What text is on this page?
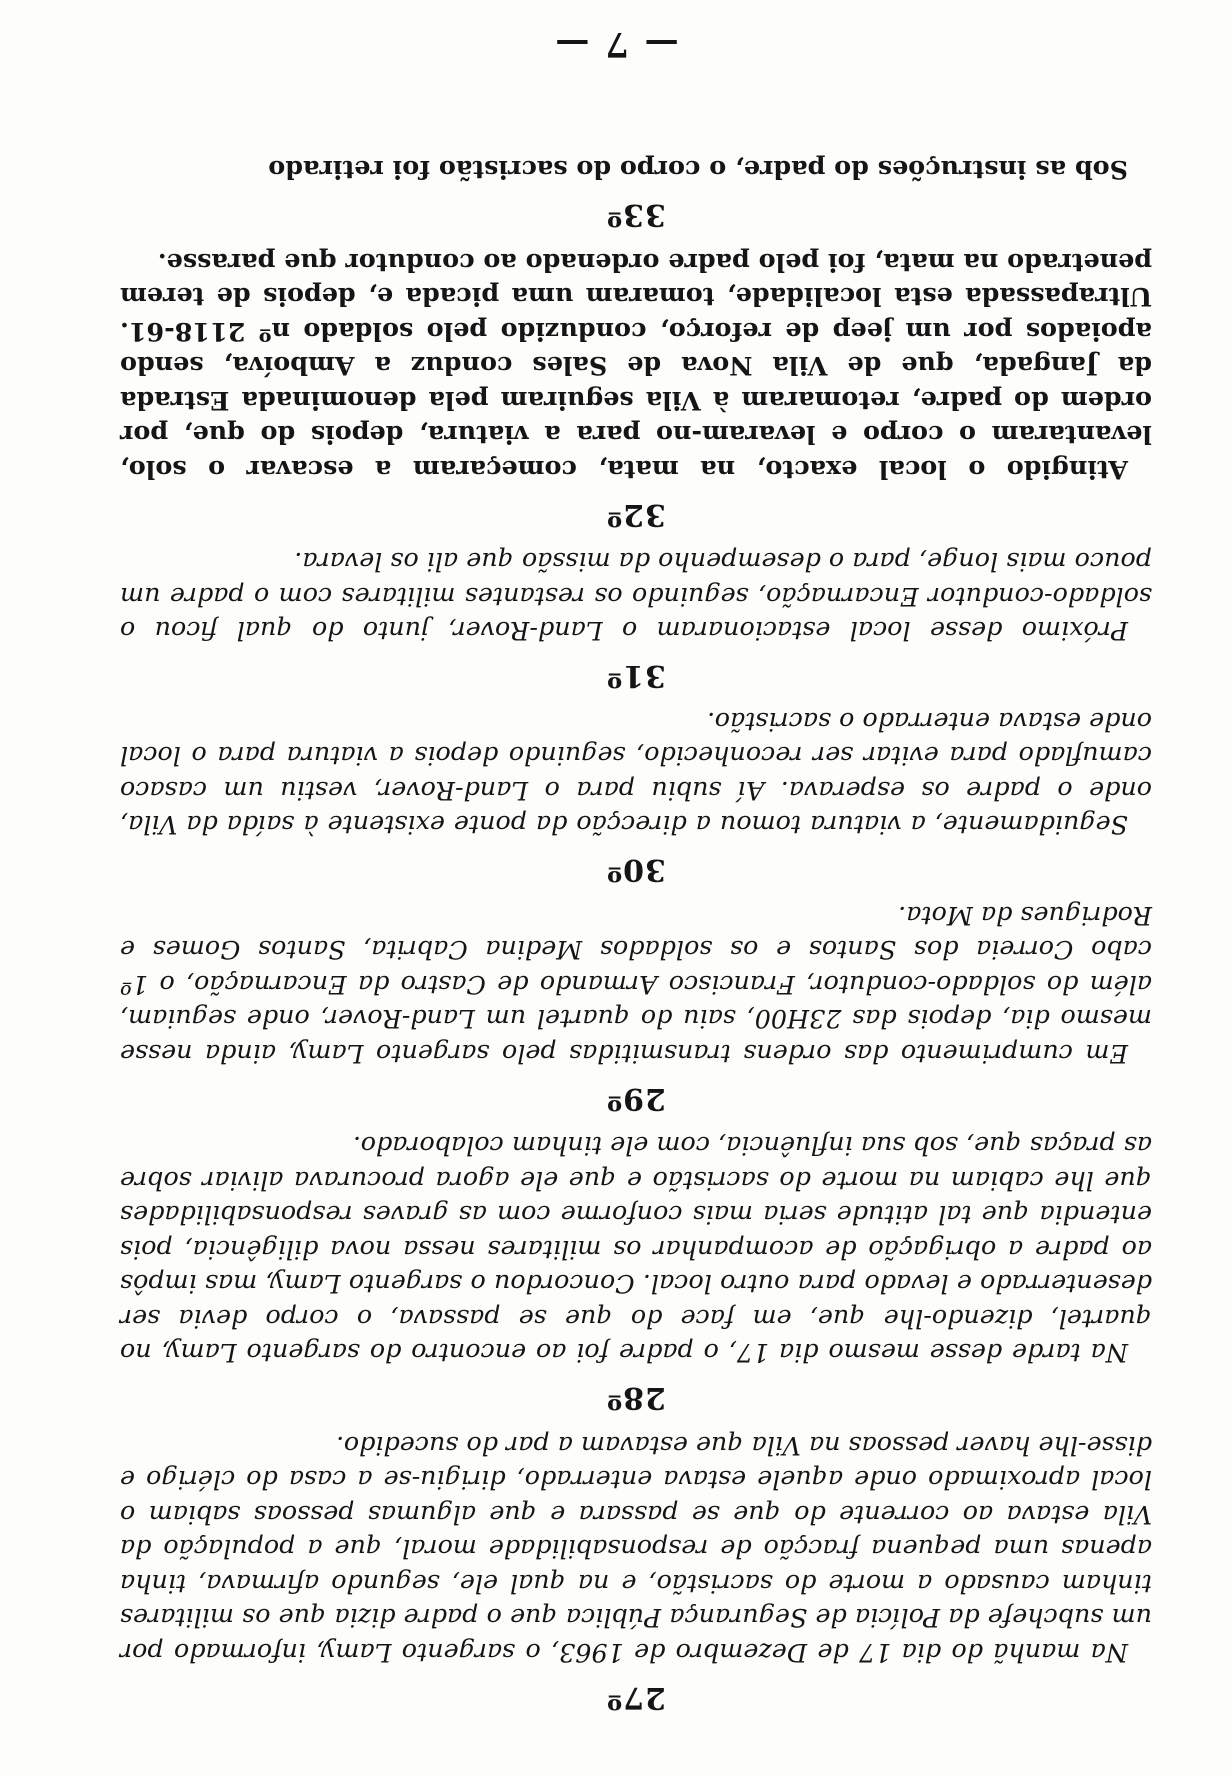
27º

Na manhã do dia 17 de Dezembro de 1963, o sargento Lamy, informado por um subchefe da Polícia de Segurança Pública que o padre dizia que os militares tinham causado a morte do sacristão, e na qual ele, segundo afirmava, tinha apenas uma pequena fracção de responsabilidade moral, que a população da Vila estava ao corrente do que se passara e que algumas pessoas sabiam o local aproximado onde aquele estava enterrado, dirigiu-se a casa do clérigo e disse-lhe haver pessoas na Vila que estavam a par do sucedido.

28º

Na tarde desse mesmo dia 17, o padre foi ao encontro do sargento Lamy, no quartel, dizendo-lhe que, em face do que se passava, o corpo devia ser desenterrado e levado para outro local. Concordou o sargento Lamy, mas impôs ao padre a obrigação de acompanhar os militares nessa nova diligência, pois entendia que tal atitude seria mais conforme com as graves responsabilidades que lhe cabiam na morte do sacristão e que ele agora procurava aliviar sobre as praças que, sob sua influência, com ele tinham colaborado.

29º

Em cumprimento das ordens transmitidas pelo sargento Lamy, ainda nesse mesmo dia, depois das 23H00, saiu do quartel um Land-Rover, onde seguiam, além do soldado-condutor, Francisco Armando de Castro da Encarnação, o 1º cabo Correia dos Santos e os soldados Medina Cabrita, Santos Gomes e Rodrigues da Mota.

30º

Seguidamente, a viatura tomou a direcção da ponte existente à saída da Vila, onde o padre os esperava. Aí subiu para o Land-Rover, vestiu um casaco camuflado para evitar ser reconhecido, seguindo depois a viatura para o local onde estava enterrado o sacristão.

31º

Próximo desse local estacionaram o Land-Rover, junto do qual ficou o soldado-condutor Encarnação, seguindo os restantes militares com o padre um pouco mais longe, para o desempenho da missão que ali os levara.

32º

Atingido o local exacto, na mata, começaram a escavar o solo, levantaram o corpo e levaram-no para a viatura, depois do que, por ordem do padre, retomaram à Vila seguiram pela denominada Estrada da Jangada, que de Vila Nova de Sales conduz a Amboíva, sendo apoiados por um jeep de reforço, conduzido pelo soldado nº 2118-61. Ultrapassada esta localidade, tomaram uma picada e, depois de terem penetrado na mata, foi pelo padre ordenado ao condutor que parasse.

33º

Sob as instruções do padre, o corpo do sacristão foi retirado

— 7 —
